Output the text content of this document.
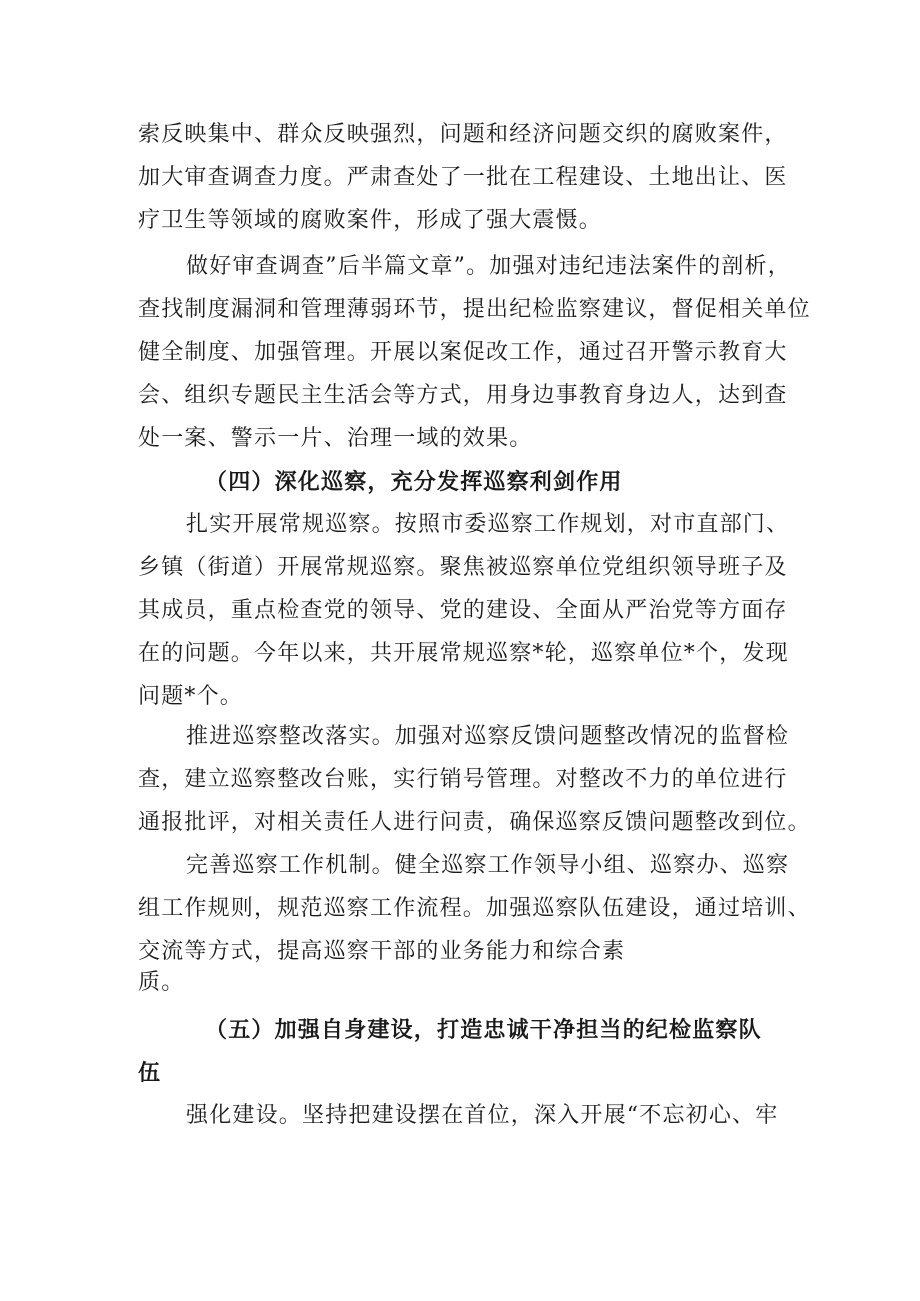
索反映集中、群众反映强烈，问题和经济问题交织的腐败案件，
加大审查调查力度。严肃查处了一批在工程建设、土地出让、医
疗卫生等领域的腐败案件，形成了强大震慑。
做好审查调查”后半篇文章”。加强对违纪违法案件的剖析，
查找制度漏洞和管理薄弱环节，提出纪检监察建议，督促相关单位
健全制度、加强管理。开展以案促改工作，通过召开警示教育大
会、组织专题民主生活会等方式，用身边事教育身边人，达到查
处一案、警示一片、治理一域的效果。
（四）深化巡察，充分发挥巡察利剑作用
扎实开展常规巡察。按照市委巡察工作规划，对市直部门、
乡镇（街道）开展常规巡察。聚焦被巡察单位党组织领导班子及
其成员，重点检查党的领导、党的建设、全面从严治党等方面存
在的问题。今年以来，共开展常规巡察*轮，巡察单位*个，发现
问题*个。
推进巡察整改落实。加强对巡察反馈问题整改情况的监督检
查，建立巡察整改台账，实行销号管理。对整改不力的单位进行
通报批评，对相关责任人进行问责，确保巡察反馈问题整改到位。
完善巡察工作机制。健全巡察工作领导小组、巡察办、巡察
组工作规则，规范巡察工作流程。加强巡察队伍建设，通过培训、
交流等方式，提高巡察干部的业务能力和综合素
质。
（五）加强自身建设，打造忠诚干净担当的纪检监察队
伍
强化建设。坚持把建设摆在首位，深入开展“不忘初心、牢
